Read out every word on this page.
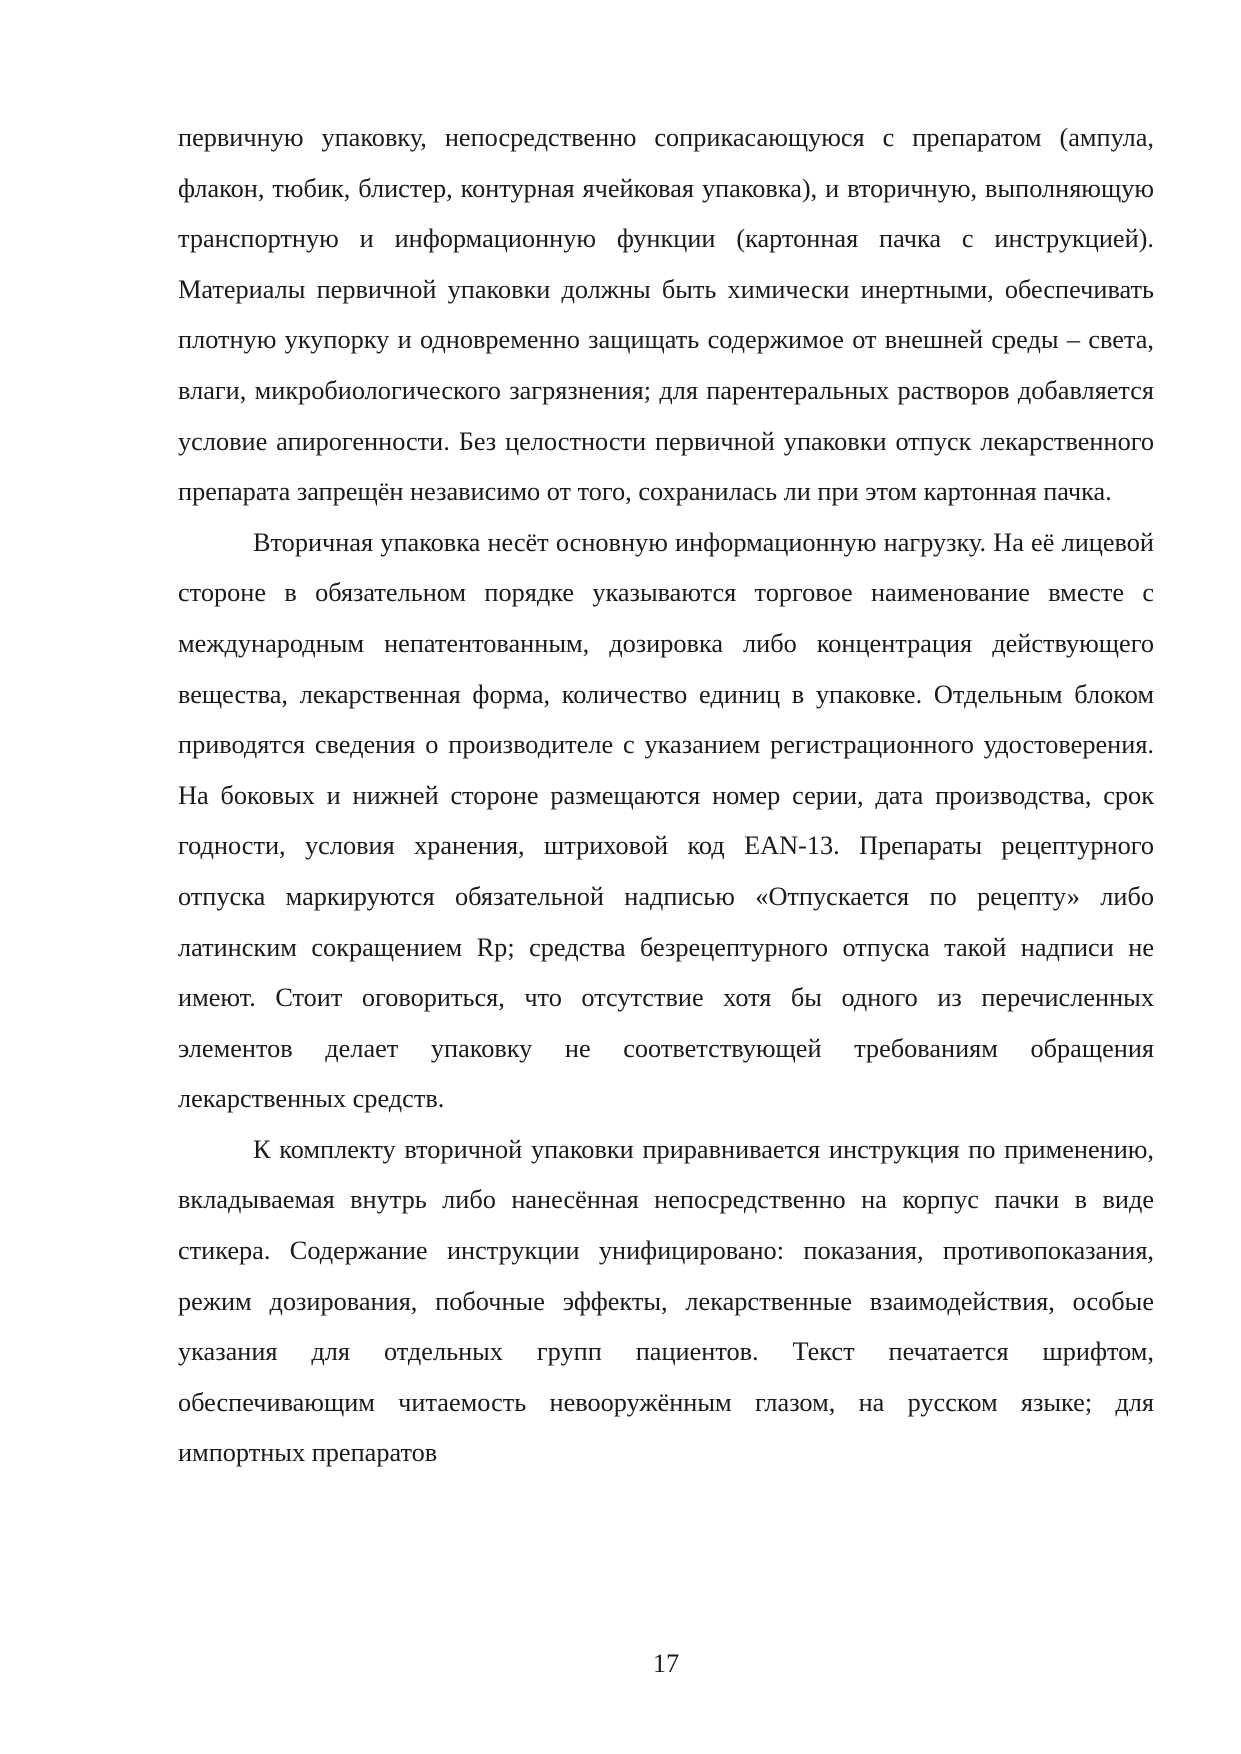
первичную упаковку, непосредственно соприкасающуюся с препаратом (ампула, флакон, тюбик, блистер, контурная ячейковая упаковка), и вторичную, выполняющую транспортную и информационную функции (картонная пачка с инструкцией). Материалы первичной упаковки должны быть химически инертными, обеспечивать плотную укупорку и одновременно защищать содержимое от внешней среды – света, влаги, микробиологического загрязнения; для парентеральных растворов добавляется условие апирогенности. Без целостности первичной упаковки отпуск лекарственного препарата запрещён независимо от того, сохранилась ли при этом картонная пачка.

Вторичная упаковка несёт основную информационную нагрузку. На её лицевой стороне в обязательном порядке указываются торговое наименование вместе с международным непатентованным, дозировка либо концентрация действующего вещества, лекарственная форма, количество единиц в упаковке. Отдельным блоком приводятся сведения о производителе с указанием регистрационного удостоверения. На боковых и нижней стороне размещаются номер серии, дата производства, срок годности, условия хранения, штриховой код EAN-13. Препараты рецептурного отпуска маркируются обязательной надписью «Отпускается по рецепту» либо латинским сокращением Rp; средства безрецептурного отпуска такой надписи не имеют. Стоит оговориться, что отсутствие хотя бы одного из перечисленных элементов делает упаковку не соответствующей требованиям обращения лекарственных средств.

К комплекту вторичной упаковки приравнивается инструкция по применению, вкладываемая внутрь либо нанесённая непосредственно на корпус пачки в виде стикера. Содержание инструкции унифицировано: показания, противопоказания, режим дозирования, побочные эффекты, лекарственные взаимодействия, особые указания для отдельных групп пациентов. Текст печатается шрифтом, обеспечивающим читаемость невооружённым глазом, на русском языке; для импортных препаратов

17
